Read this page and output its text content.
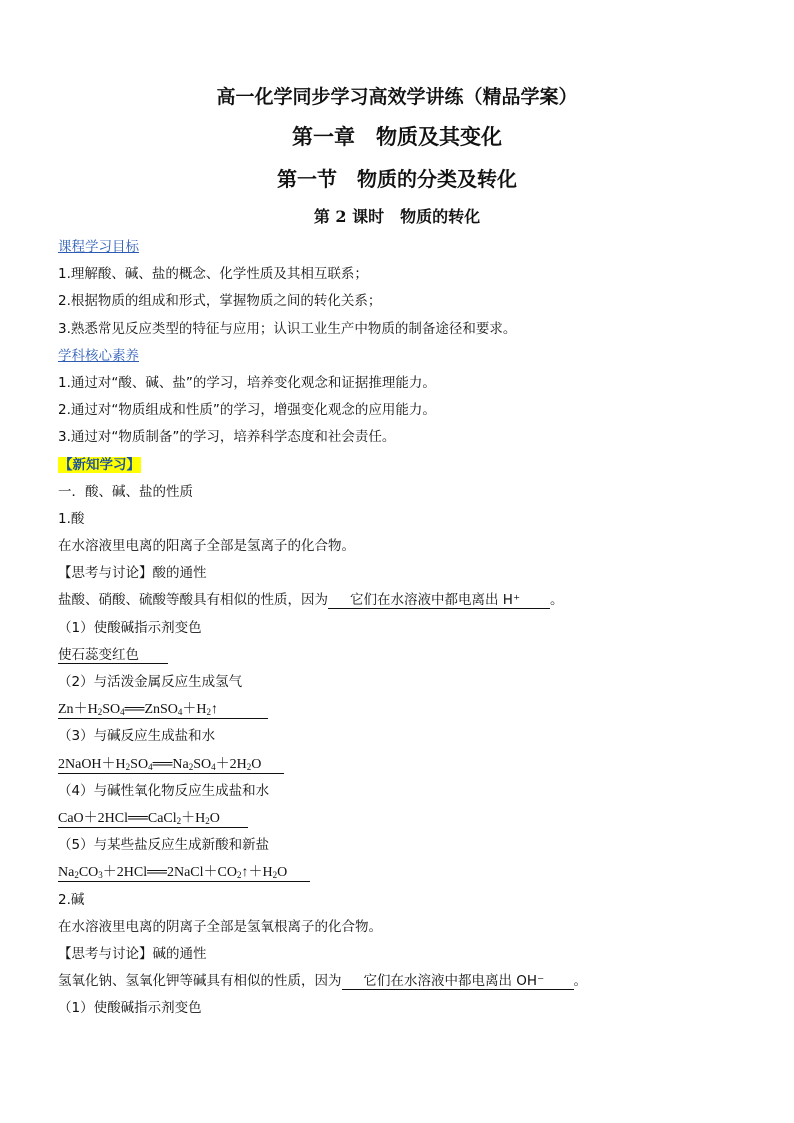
高一化学同步学习高效学讲练（精品学案）
第一章　物质及其变化
第一节　物质的分类及转化
第 2 课时　物质的转化
课程学习目标
1.理解酸、碱、盐的概念、化学性质及其相互联系；
2.根据物质的组成和形式，掌握物质之间的转化关系；
3.熟悉常见反应类型的特征与应用；认识工业生产中物质的制备途径和要求。
学科核心素养
1.通过对“酸、碱、盐”的学习，培养变化观念和证据推理能力。
2.通过对“物质组成和性质”的学习，增强变化观念的应用能力。
3.通过对“物质制备”的学习，培养科学态度和社会责任。
【新知学习】
一．酸、碱、盐的性质
1.酸
在水溶液里电离的阳离子全部是氢离子的化合物。
【思考与讨论】酸的通性
盐酸、硝酸、硫酸等酸具有相似的性质，因为 它们在水溶液中都电离出 H⁺ 。
（1）使酸碱指示剂变色
使石蕊变红色
（2）与活泼金属反应生成氢气
$Zn+H_2SO_4══ZnSO_4+H_2↑$
（3）与碱反应生成盐和水
$2NaOH+H_2SO_4══Na_2SO_4+2H_2O$
（4）与碱性氧化物反应生成盐和水
$CaO+2HCl══CaCl_2+H_2O$
（5）与某些盐反应生成新酸和新盐
$Na_2CO_3+2HCl══2NaCl+CO_2↑+H_2O$
2.碱
在水溶液里电离的阴离子全部是氢氧根离子的化合物。
【思考与讨论】碱的通性
氢氧化钠、氢氧化钾等碱具有相似的性质，因为 它们在水溶液中都电离出 OH⁻ 。
（1）使酸碱指示剂变色
